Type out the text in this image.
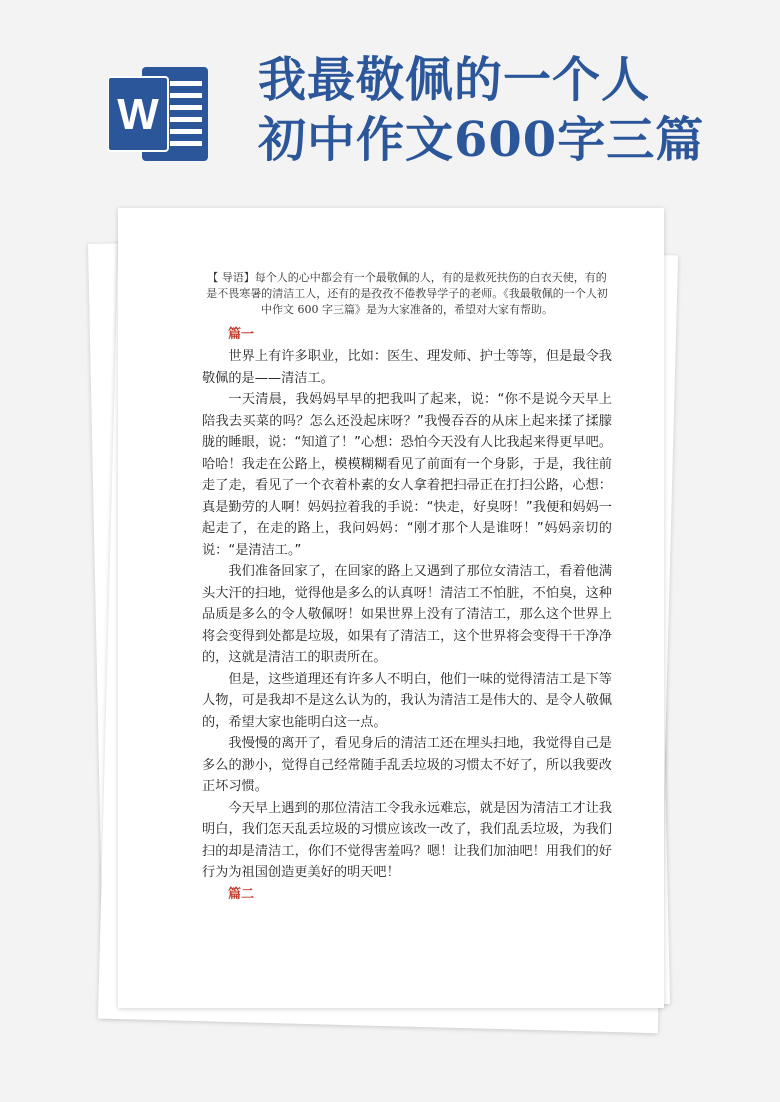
W
我最敬佩的一个人
初中作文600字三篇

【 导语】每个人的心中都会有一个最敬佩的人，有的是救死扶伤的白衣天使，有的是不畏寒暑的清洁工人，还有的是孜孜不倦教导学子的老师。《我最敬佩的一个人初中作文 600 字三篇》是为大家准备的，希望对大家有帮助。

篇一

世界上有许多职业，比如：医生、理发师、护士等等，但是最令我敬佩的是——清洁工。

一天清晨，我妈妈早早的把我叫了起来，说：“你不是说今天早上陪我去买菜的吗？怎么还没起床呀？”我慢吞吞的从床上起来揉了揉朦胧的睡眼，说：“知道了！”心想：恐怕今天没有人比我起来得更早吧。哈哈！我走在公路上，模模糊糊看见了前面有一个身影，于是，我往前走了走，看见了一个衣着朴素的女人拿着把扫帚正在打扫公路，心想：真是勤劳的人啊！妈妈拉着我的手说：“快走，好臭呀！”我便和妈妈一起走了，在走的路上，我问妈妈：“刚才那个人是谁呀！”妈妈亲切的说：“是清洁工。”

我们准备回家了，在回家的路上又遇到了那位女清洁工，看着他满头大汗的扫地，觉得他是多么的认真呀！清洁工不怕脏，不怕臭，这种品质是多么的令人敬佩呀！如果世界上没有了清洁工，那么这个世界上将会变得到处都是垃圾，如果有了清洁工，这个世界将会变得干干净净的，这就是清洁工的职责所在。

但是，这些道理还有许多人不明白，他们一味的觉得清洁工是下等人物，可是我却不是这么认为的，我认为清洁工是伟大的、是令人敬佩的，希望大家也能明白这一点。

我慢慢的离开了，看见身后的清洁工还在埋头扫地，我觉得自己是多么的渺小，觉得自己经常随手乱丢垃圾的习惯太不好了，所以我要改正坏习惯。

今天早上遇到的那位清洁工令我永远难忘，就是因为清洁工才让我明白，我们怎天乱丢垃圾的习惯应该改一改了，我们乱丢垃圾，为我们扫的却是清洁工，你们不觉得害羞吗？嗯！让我们加油吧！用我们的好行为为祖国创造更美好的明天吧！

篇二
